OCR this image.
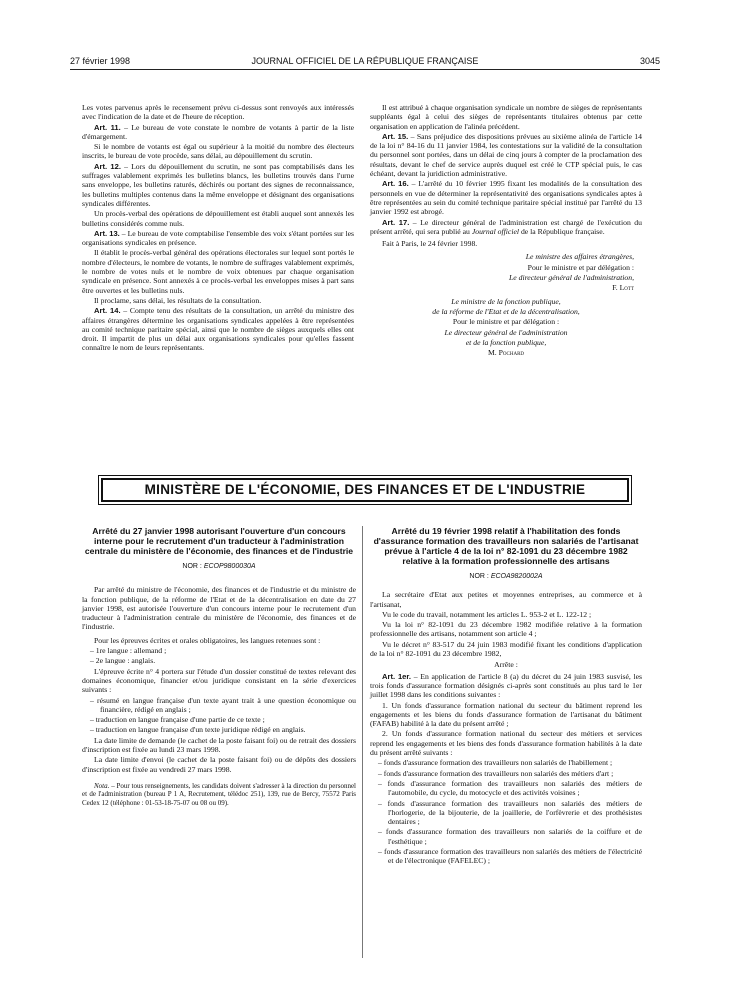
27 février 1998	JOURNAL OFFICIEL DE LA RÉPUBLIQUE FRANÇAISE	3045

Les votes parvenus après le recensement prévu ci-dessus sont renvoyés aux intéressés avec l'indication de la date et de l'heure de réception.

Art. 11. – Le bureau de vote constate le nombre de votants à partir de la liste d'émargement.

Si le nombre de votants est égal ou supérieur à la moitié du nombre des électeurs inscrits, le bureau de vote procède, sans délai, au dépouillement du scrutin.

Art. 12. – Lors du dépouillement du scrutin, ne sont pas comptabilisés dans les suffrages valablement exprimés les bulletins blancs, les bulletins trouvés dans l'urne sans enveloppe, les bulletins raturés, déchirés ou portant des signes de reconnaissance, les bulletins multiples contenus dans la même enveloppe et désignant des organisations syndicales différentes.

Un procès-verbal des opérations de dépouillement est établi auquel sont annexés les bulletins considérés comme nuls.

Art. 13. – Le bureau de vote comptabilise l'ensemble des voix s'étant portées sur les organisations syndicales en présence.

Il établit le procès-verbal général des opérations électorales sur lequel sont portés le nombre d'électeurs, le nombre de votants, le nombre de suffrages valablement exprimés, le nombre de votes nuls et le nombre de voix obtenues par chaque organisation syndicale en présence. Sont annexés à ce procès-verbal les enveloppes mises à part sans être ouvertes et les bulletins nuls.

Il proclame, sans délai, les résultats de la consultation.

Art. 14. – Compte tenu des résultats de la consultation, un arrêté du ministre des affaires étrangères détermine les organisations syndicales appelées à être représentées au comité technique paritaire spécial, ainsi que le nombre de sièges auxquels elles ont droit. Il impartit de plus un délai aux organisations syndicales pour qu'elles fassent connaître le nom de leurs représentants.

Il est attribué à chaque organisation syndicale un nombre de sièges de représentants suppléants égal à celui des sièges de représentants titulaires obtenus par cette organisation en application de l'alinéa précédent.

Art. 15. – Sans préjudice des dispositions prévues au sixième alinéa de l'article 14 de la loi n° 84-16 du 11 janvier 1984, les contestations sur la validité de la consultation du personnel sont portées, dans un délai de cinq jours à compter de la proclamation des résultats, devant le chef de service auprès duquel est créé le CTP spécial puis, le cas échéant, devant la juridiction administrative.

Art. 16. – L'arrêté du 10 février 1995 fixant les modalités de la consultation des personnels en vue de déterminer la représentativité des organisations syndicales aptes à être représentées au sein du comité technique paritaire spécial institué par l'arrêté du 13 janvier 1992 est abrogé.

Art. 17. – Le directeur général de l'administration est chargé de l'exécution du présent arrêté, qui sera publié au Journal officiel de la République française.

Fait à Paris, le 24 février 1998.

Le ministre des affaires étrangères,

Pour le ministre et par délégation :

Le directeur général de l'administration,

F. Lott

Le ministre de la fonction publique,

de la réforme de l'Etat et de la décentralisation,

Pour le ministre et par délégation :

Le directeur général de l'administration

et de la fonction publique,

M. Pochard

MINISTÈRE DE L'ÉCONOMIE, DES FINANCES ET DE L'INDUSTRIE

Arrêté du 27 janvier 1998 autorisant l'ouverture d'un concours interne pour le recrutement d'un traducteur à l'administration centrale du ministère de l'économie, des finances et de l'industrie

NOR : ECOP9800030A

Par arrêté du ministre de l'économie, des finances et de l'industrie et du ministre de la fonction publique, de la réforme de l'Etat et de la décentralisation en date du 27 janvier 1998, est autorisée l'ouverture d'un concours interne pour le recrutement d'un traducteur à l'administration centrale du ministère de l'économie, des finances et de l'industrie.

Pour les épreuves écrites et orales obligatoires, les langues retenues sont :

– 1re langue : allemand ;

– 2e langue : anglais.

L'épreuve écrite n° 4 portera sur l'étude d'un dossier constitué de textes relevant des domaines économique, financier et/ou juridique consistant en la série d'exercices suivants :

– résumé en langue française d'un texte ayant trait à une question économique ou financière, rédigé en anglais ;

– traduction en langue française d'une partie de ce texte ;

– traduction en langue française d'un texte juridique rédigé en anglais.

La date limite de demande (le cachet de la poste faisant foi) ou de retrait des dossiers d'inscription est fixée au lundi 23 mars 1998.

La date limite d'envoi (le cachet de la poste faisant foi) ou de dépôts des dossiers d'inscription est fixée au vendredi 27 mars 1998.

Nota. – Pour tous renseignements, les candidats doivent s'adresser à la direction du personnel et de l'administration (bureau P 1 A, Recrutement, télédoc 251), 139, rue de Bercy, 75572 Paris Cedex 12 (téléphone : 01-53-18-75-07 ou 08 ou 09).

Arrêté du 19 février 1998 relatif à l'habilitation des fonds d'assurance formation des travailleurs non salariés de l'artisanat prévue à l'article 4 de la loi n° 82-1091 du 23 décembre 1982 relative à la formation professionnelle des artisans

NOR : ECOA9820002A

La secrétaire d'Etat aux petites et moyennes entreprises, au commerce et à l'artisanat,

Vu le code du travail, notamment les articles L. 953-2 et L. 122-12 ;

Vu la loi n° 82-1091 du 23 décembre 1982 modifiée relative à la formation professionnelle des artisans, notamment son article 4 ;

Vu le décret n° 83-517 du 24 juin 1983 modifié fixant les conditions d'application de la loi n° 82-1091 du 23 décembre 1982,

Arrête :

Art. 1er. – En application de l'article 8 (a) du décret du 24 juin 1983 susvisé, les trois fonds d'assurance formation désignés ci-après sont constitués au plus tard le 1er juillet 1998 dans les conditions suivantes :

1. Un fonds d'assurance formation national du secteur du bâtiment reprend les engagements et les biens du fonds d'assurance formation de l'artisanat du bâtiment (FAFAB) habilité à la date du présent arrêté ;

2. Un fonds d'assurance formation national du secteur des métiers et services reprend les engagements et les biens des fonds d'assurance formation habilités à la date du présent arrêté suivants :

– fonds d'assurance formation des travailleurs non salariés de l'habillement ;

– fonds d'assurance formation des travailleurs non salariés des métiers d'art ;

– fonds d'assurance formation des travailleurs non salariés des métiers de l'automobile, du cycle, du motocycle et des activités voisines ;

– fonds d'assurance formation des travailleurs non salariés des métiers de l'horlogerie, de la bijouterie, de la joaillerie, de l'orfèvrerie et des prothésistes dentaires ;

– fonds d'assurance formation des travailleurs non salariés de la coiffure et de l'esthétique ;

– fonds d'assurance formation des travailleurs non salariés des métiers de l'électricité et de l'électronique (FAFELEC) ;
